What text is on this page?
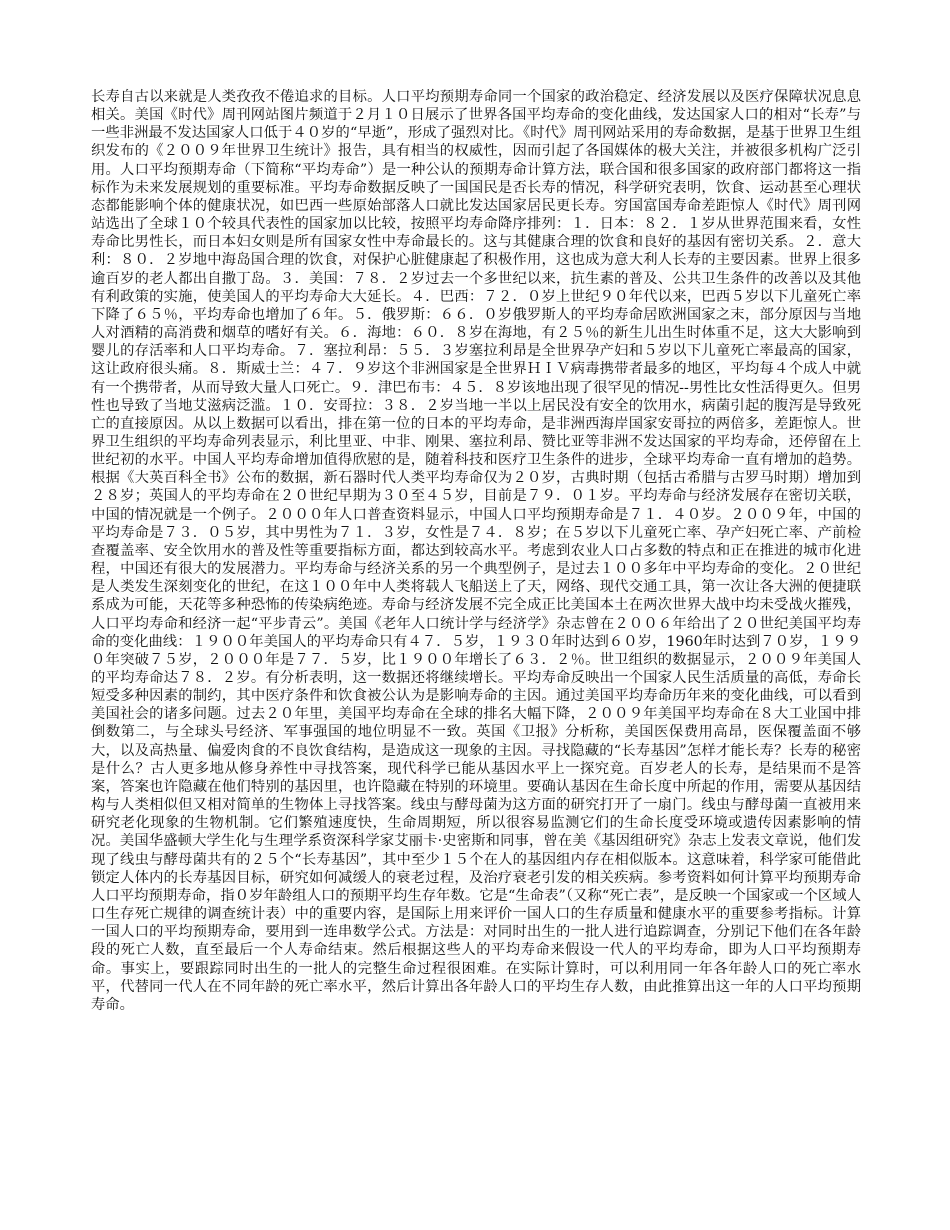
长寿自古以来就是人类孜孜不倦追求的目标。人口平均预期寿命同一个国家的政治稳定、经济发展以及医疗保障状况息息相关。美国《时代》周刊网站图片频道于２月１０日展示了世界各国平均寿命的变化曲线，发达国家人口的相对“长寿”与一些非洲最不发达国家人口低于４０岁的“早逝”，形成了强烈对比。《时代》周刊网站采用的寿命数据，是基于世界卫生组织发布的《２００９年世界卫生统计》报告，具有相当的权威性，因而引起了各国媒体的极大关注，并被很多机构广泛引用。人口平均预期寿命（下简称“平均寿命”）是一种公认的预期寿命计算方法，联合国和很多国家的政府部门都将这一指标作为未来发展规划的重要标准。平均寿命数据反映了一国国民是否长寿的情况，科学研究表明，饮食、运动甚至心理状态都能影响个体的健康状况，如巴西一些原始部落人口就比发达国家居民更长寿。穷国富国寿命差距惊人《时代》周刊网站选出了全球１０个较具代表性的国家加以比较，按照平均寿命降序排列：１．日本：８２．１岁从世界范围来看，女性寿命比男性长，而日本妇女则是所有国家女性中寿命最长的。这与其健康合理的饮食和良好的基因有密切关系。２．意大利：８０．２岁地中海岛国合理的饮食，对保护心脏健康起了积极作用，这也成为意大利人长寿的主要因素。世界上很多逾百岁的老人都出自撒丁岛。３．美国：７８．２岁过去一个多世纪以来，抗生素的普及、公共卫生条件的改善以及其他有利政策的实施，使美国人的平均寿命大大延长。４．巴西：７２．０岁上世纪９０年代以来，巴西５岁以下儿童死亡率下降了６５％，平均寿命也增加了６年。５．俄罗斯：６６．０岁俄罗斯人的平均寿命居欧洲国家之末，部分原因与当地人对酒精的高消费和烟草的嗜好有关。６．海地：６０．８岁在海地，有２５％的新生儿出生时体重不足，这大大影响到婴儿的存活率和人口平均寿命。７．塞拉利昂：５５．３岁塞拉利昂是全世界孕产妇和５岁以下儿童死亡率最高的国家，这让政府很头痛。８．斯威士兰：４７．９岁这个非洲国家是全世界ＨＩＶ病毒携带者最多的地区，平均每４个成人中就有一个携带者，从而导致大量人口死亡。９．津巴布韦：４５．８岁该地出现了很罕见的情况--男性比女性活得更久。但男性也导致了当地艾滋病泛滥。１０．安哥拉：３８．２岁当地一半以上居民没有安全的饮用水，病菌引起的腹泻是导致死亡的直接原因。从以上数据可以看出，排在第一位的日本的平均寿命，是非洲西海岸国家安哥拉的两倍多，差距惊人。世界卫生组织的平均寿命列表显示，利比里亚、中非、刚果、塞拉利昂、赞比亚等非洲不发达国家的平均寿命，还停留在上世纪初的水平。中国人平均寿命增加值得欣慰的是，随着科技和医疗卫生条件的进步，全球平均寿命一直有增加的趋势。根据《大英百科全书》公布的数据，新石器时代人类平均寿命仅为２０岁，古典时期（包括古希腊与古罗马时期）增加到２８岁；英国人的平均寿命在２０世纪早期为３０至４５岁，目前是７９．０１岁。平均寿命与经济发展存在密切关联，中国的情况就是一个例子。２０００年人口普查资料显示，中国人口平均预期寿命是７１．４０岁。２００９年，中国的平均寿命是７３．０５岁，其中男性为７１．３岁，女性是７４．８岁；在５岁以下儿童死亡率、孕产妇死亡率、产前检查覆盖率、安全饮用水的普及性等重要指标方面，都达到较高水平。考虑到农业人口占多数的特点和正在推进的城市化进程，中国还有很大的发展潜力。平均寿命与经济关系的另一个典型例子，是过去１００多年中平均寿命的变化。２０世纪是人类发生深刻变化的世纪，在这１００年中人类将载人飞船送上了天，网络、现代交通工具，第一次让各大洲的便捷联系成为可能，天花等多种恐怖的传染病绝迹。寿命与经济发展不完全成正比美国本土在两次世界大战中均未受战火摧残，人口平均寿命和经济一起“平步青云”。美国《老年人口统计学与经济学》杂志曾在２００６年给出了２０世纪美国平均寿命的变化曲线：１９００年美国人的平均寿命只有４７．５岁，１９３０年时达到６０岁，1960年时达到７０岁，１９９０年突破７５岁，２０００年是７７．５岁，比１９００年增长了６３．２％。世卫组织的数据显示，２００９年美国人的平均寿命达７８．２岁。有分析表明，这一数据还将继续增长。平均寿命反映出一个国家人民生活质量的高低，寿命长短受多种因素的制约，其中医疗条件和饮食被公认为是影响寿命的主因。通过美国平均寿命历年来的变化曲线，可以看到美国社会的诸多问题。过去２０年里，美国平均寿命在全球的排名大幅下降，２００９年美国平均寿命在８大工业国中排倒数第二，与全球头号经济、军事强国的地位明显不一致。英国《卫报》分析称，美国医保费用高昂，医保覆盖面不够大，以及高热量、偏爱肉食的不良饮食结构，是造成这一现象的主因。寻找隐藏的“长寿基因”怎样才能长寿？长寿的秘密是什么？古人更多地从修身养性中寻找答案，现代科学已能从基因水平上一探究竟。百岁老人的长寿，是结果而不是答案，答案也许隐藏在他们特别的基因里，也许隐藏在特别的环境里。要确认基因在生命长度中所起的作用，需要从基因结构与人类相似但又相对简单的生物体上寻找答案。线虫与酵母菌为这方面的研究打开了一扇门。线虫与酵母菌一直被用来研究老化现象的生物机制。它们繁殖速度快，生命周期短，所以很容易监测它们的生命长度受环境或遗传因素影响的情况。美国华盛顿大学生化与生理学系资深科学家艾丽卡·史密斯和同事，曾在美《基因组研究》杂志上发表文章说，他们发现了线虫与酵母菌共有的２５个“长寿基因”，其中至少１５个在人的基因组内存在相似版本。这意味着，科学家可能借此锁定人体内的长寿基因目标，研究如何减缓人的衰老过程，及治疗衰老引发的相关疾病。参考资料如何计算平均预期寿命人口平均预期寿命，指０岁年龄组人口的预期平均生存年数。它是“生命表”（又称“死亡表”，是反映一个国家或一个区域人口生存死亡规律的调查统计表）中的重要内容，是国际上用来评价一国人口的生存质量和健康水平的重要参考指标。计算一国人口的平均预期寿命，要用到一连串数学公式。方法是：对同时出生的一批人进行追踪调查，分别记下他们在各年龄段的死亡人数，直至最后一个人寿命结束。然后根据这些人的平均寿命来假设一代人的平均寿命，即为人口平均预期寿命。事实上，要跟踪同时出生的一批人的完整生命过程很困难。在实际计算时，可以利用同一年各年龄人口的死亡率水平，代替同一代人在不同年龄的死亡率水平，然后计算出各年龄人口的平均生存人数，由此推算出这一年的人口平均预期寿命。
